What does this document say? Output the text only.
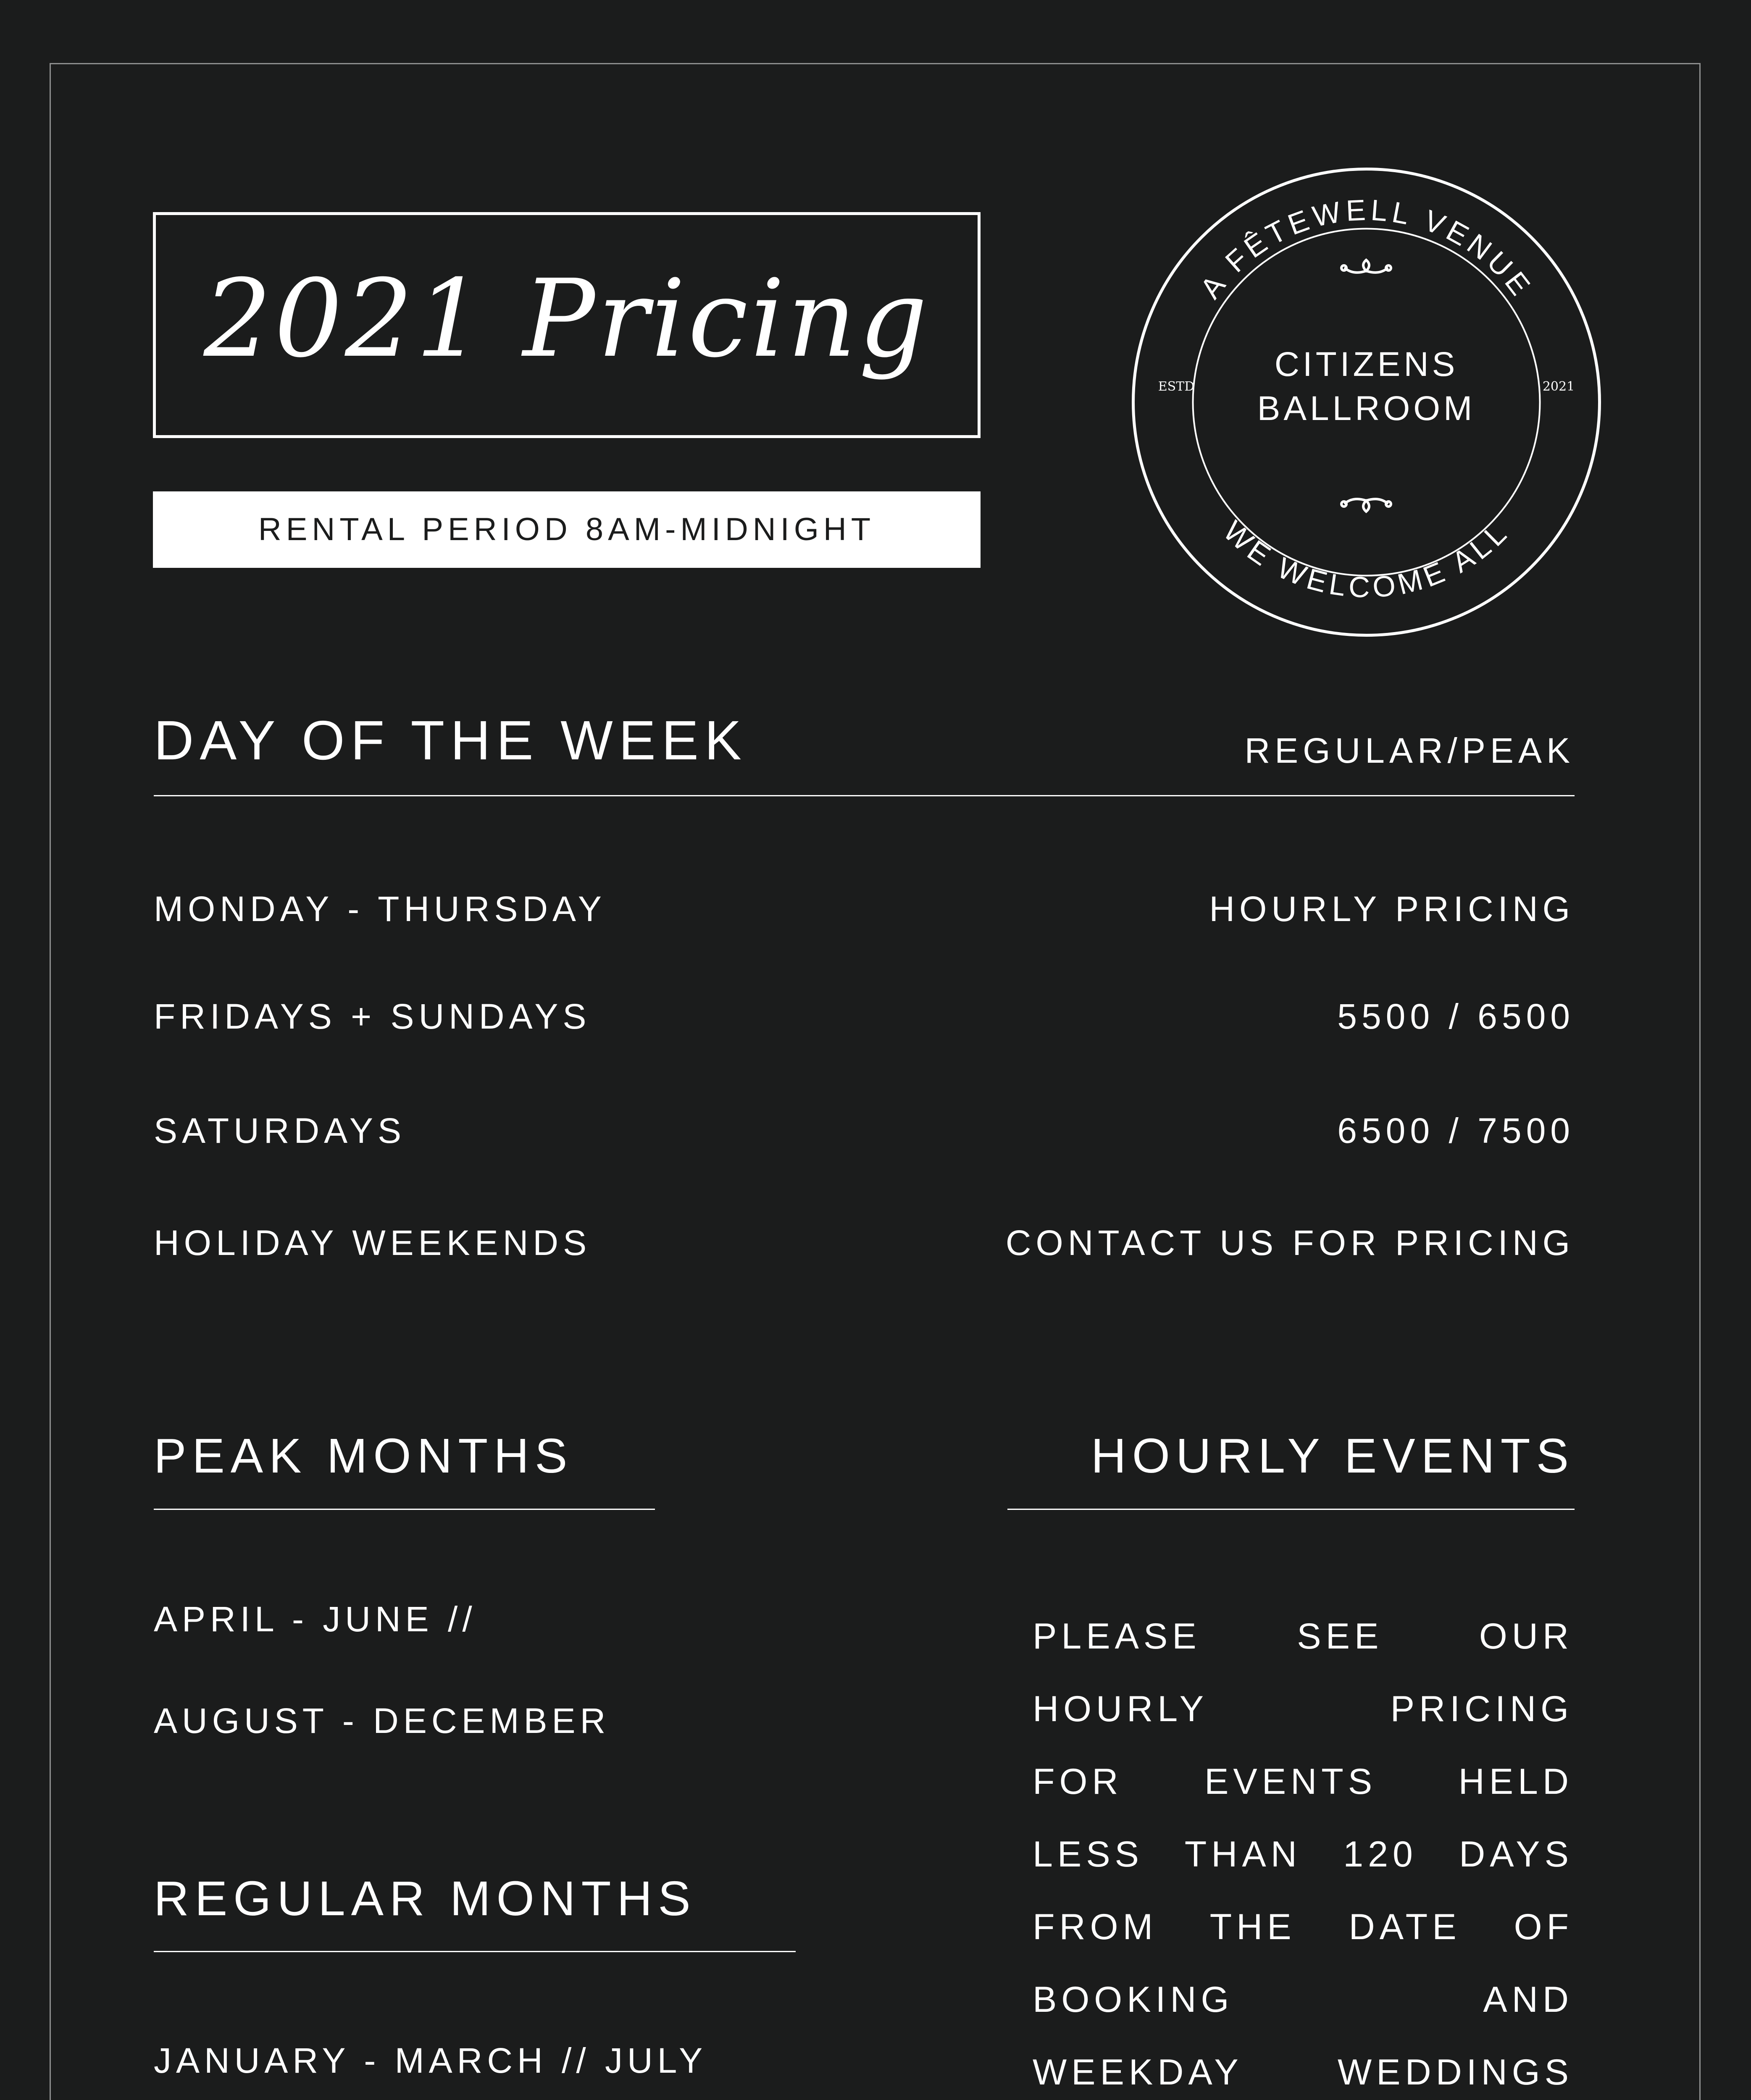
2021 Pricing
RENTAL PERIOD 8AM-MIDNIGHT
A FÊTEWELL VENUE
WE WELCOME ALL
CITIZENS
BALLROOM
ESTD	2021
DAY OF THE WEEK	REGULAR/PEAK
MONDAY - THURSDAY	HOURLY PRICING
FRIDAYS + SUNDAYS	5500 / 6500
SATURDAYS	6500 / 7500
HOLIDAY WEEKENDS	CONTACT US FOR PRICING
PEAK MONTHS
APRIL - JUNE //
AUGUST - DECEMBER
REGULAR MONTHS
JANUARY - MARCH // JULY
HOURLY EVENTS
PLEASE SEE OUR
HOURLY PRICING
FOR EVENTS HELD
LESS THAN 120 DAYS
FROM THE DATE OF
BOOKING AND
WEEKDAY WEDDINGS
